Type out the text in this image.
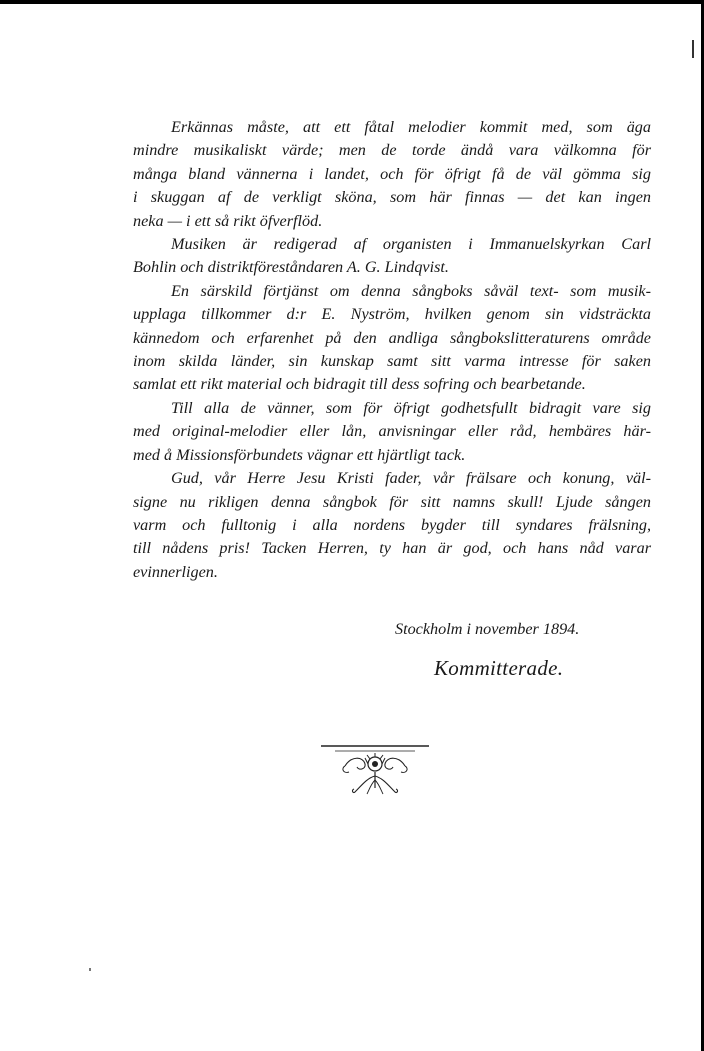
Erkännas måste, att ett fåtal melodier kommit med, som äga
mindre musikaliskt värde; men de torde ändå vara välkomna för
många bland vännerna i landet, och för öfrigt få de väl gömma sig
i skuggan af de verkligt sköna, som här finnas — det kan ingen
neka — i ett så rikt öfverflöd.

Musiken är redigerad af organisten i Immanuelskyrkan Carl
Bohlin och distriktföreståndaren A. G. Lindqvist.

En särskild förtjänst om denna sångboks såväl text- som musik-
upplaga tillkommer d:r E. Nyström, hvilken genom sin vidsträckta
kännedom och erfarenhet på den andliga sångbokslitteraturens område
inom skilda länder, sin kunskap samt sitt varma intresse för saken
samlat ett rikt material och bidragit till dess sofring och bearbetande.

Till alla de vänner, som för öfrigt godhetsfullt bidragit vare sig
med original-melodier eller lån, anvisningar eller råd, hembäres här-
med å Missionsförbundets vägnar ett hjärtligt tack.

Gud, vår Herre Jesu Kristi fader, vår frälsare och konung, väl-
signe nu rikligen denna sångbok för sitt namns skull! Ljude sången
varm och fulltonig i alla nordens bygder till syndares frälsning,
till nådens pris! Tacken Herren, ty han är god, och hans nåd varar
evinnerligen.

Stockholm i november 1894.
Kommitterade.
